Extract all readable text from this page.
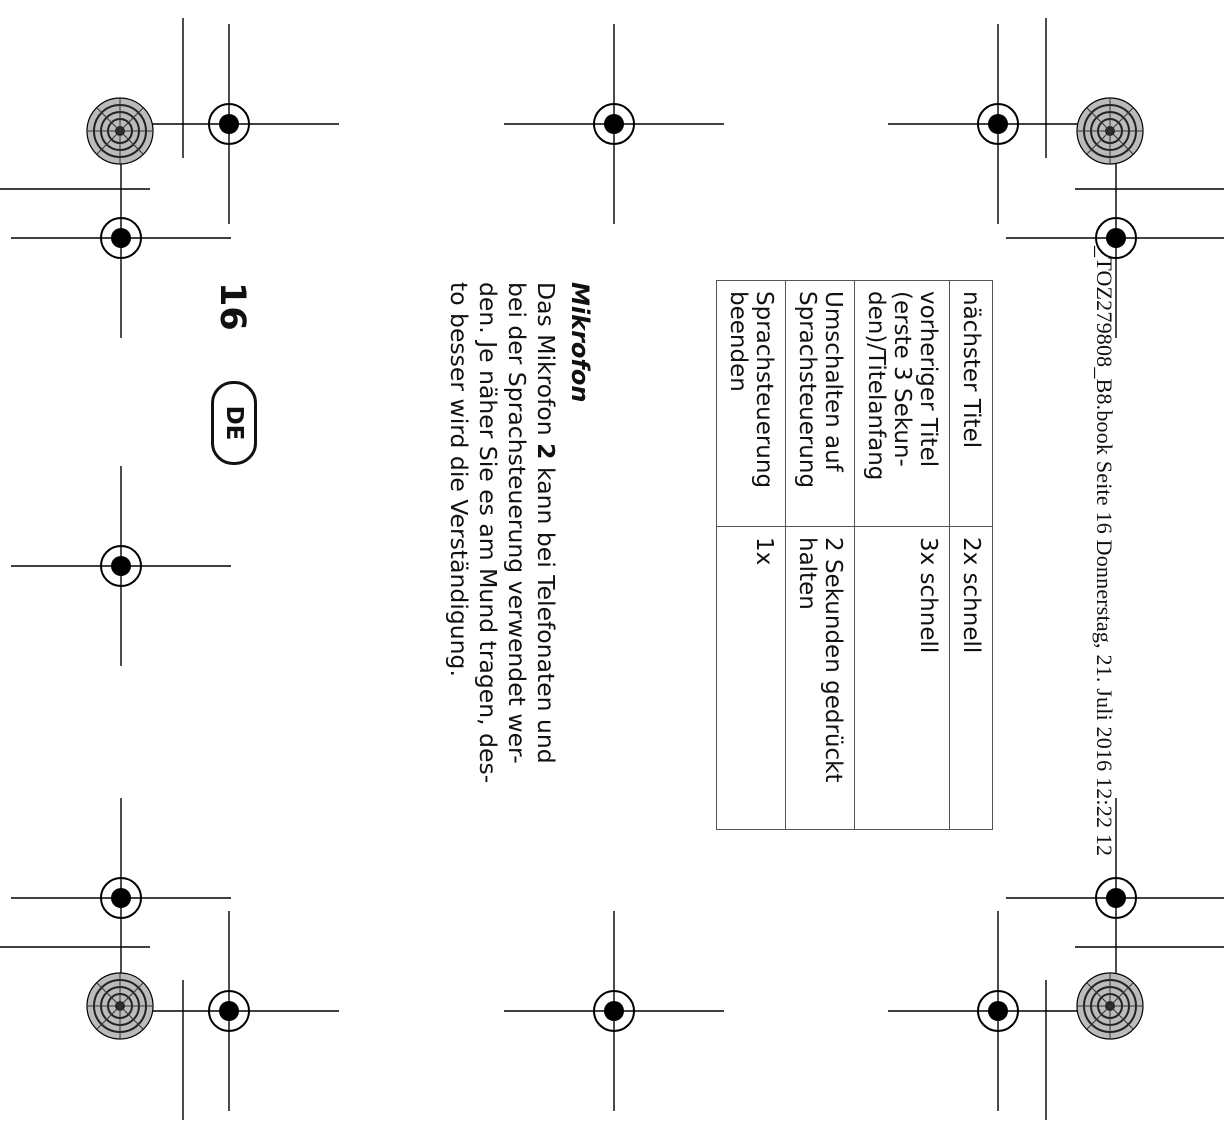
_TOZ279808_B8.book Seite 16 Donnerstag, 21. Juli 2016 12:22 12
nächster Titel	2x schnell

vorheriger Titel
(erste 3 Sekun-
den)/Titelanfang	3x schnell

Umschalten auf
Sprachsteuerung	2 Sekunden gedrückt
halten

Sprachsteuerung
beenden	1x
Mikrofon
Das Mikrofon 2 kann bei Telefonaten und
bei der Sprachsteuerung verwendet wer-
den. Je näher Sie es am Mund tragen, des-
to besser wird die Verständigung.
16
DE
